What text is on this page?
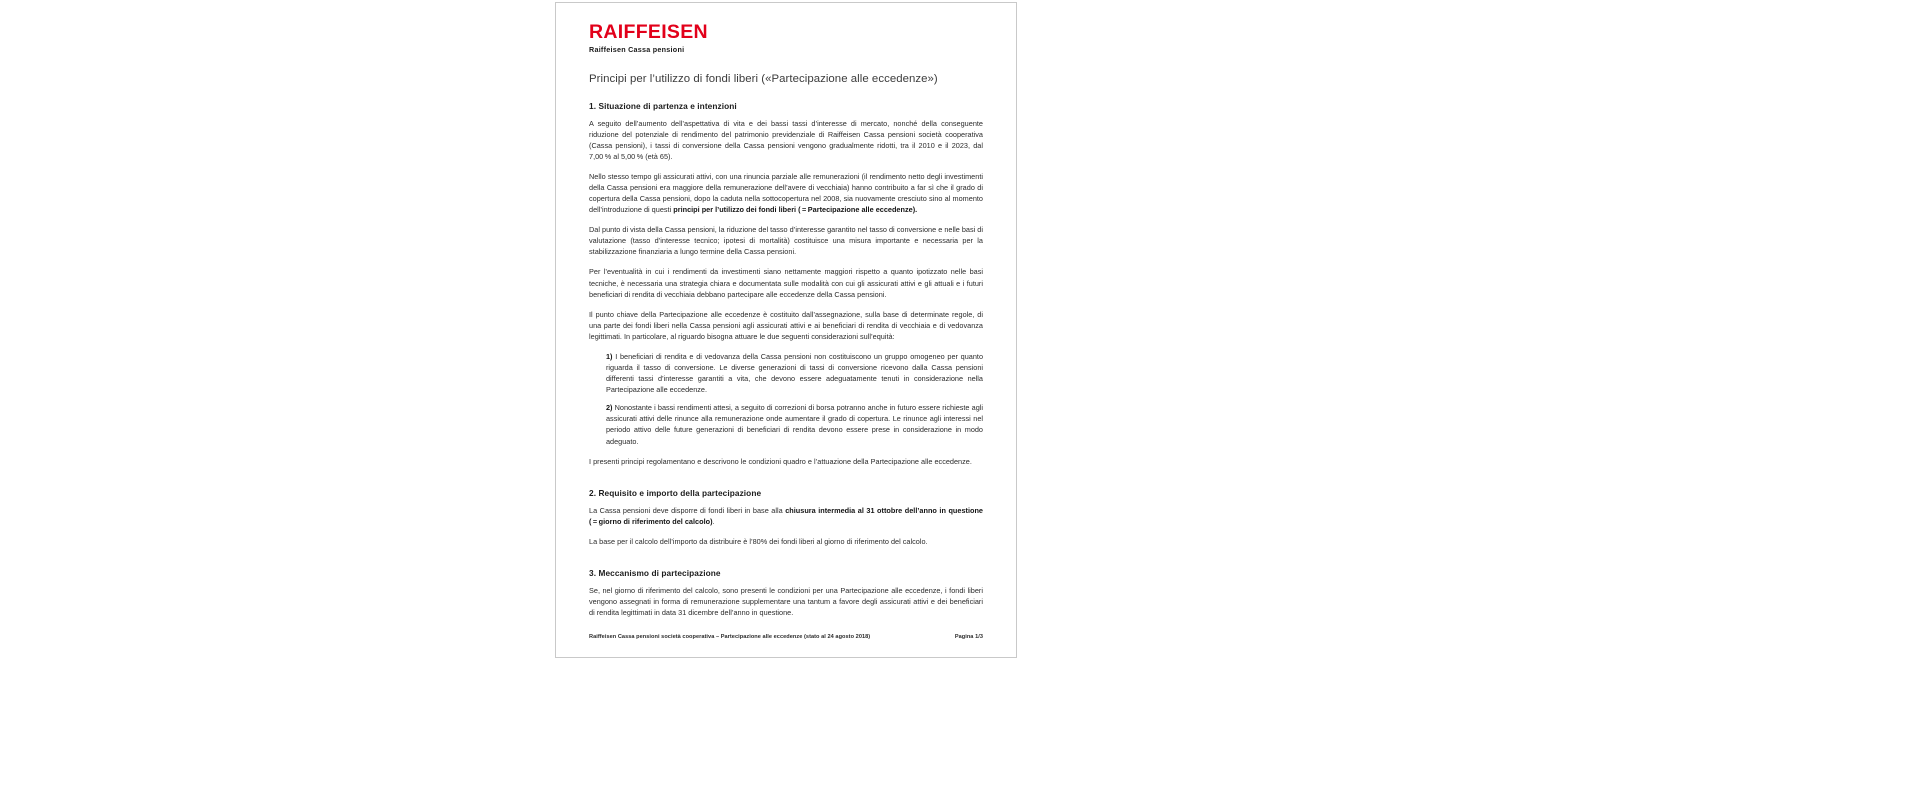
RAIFFEISEN
Raiffeisen Cassa pensioni
Principi per l’utilizzo di fondi liberi («Partecipazione alle eccedenze»)
1. Situazione di partenza e intenzioni

A seguito dell’aumento dell’aspettativa di vita e dei bassi tassi d’interesse di mercato, nonché della conseguente riduzione del potenziale di rendimento del patrimonio previdenziale di Raiffeisen Cassa pensioni società cooperativa (Cassa pensioni), i tassi di conversione della Cassa pensioni vengono gradualmente ridotti, tra il 2010 e il 2023, dal 7,00 % al 5,00 % (età 65).

Nello stesso tempo gli assicurati attivi, con una rinuncia parziale alle remunerazioni (il rendimento netto degli investimenti della Cassa pensioni era maggiore della remunerazione dell’avere di vecchiaia) hanno contribuito a far sì che il grado di copertura della Cassa pensioni, dopo la caduta nella sottocopertura nel 2008, sia nuovamente cresciuto sino al momento dell’introduzione di questi principi per l’utilizzo dei fondi liberi ( = Partecipazione alle eccedenze).

Dal punto di vista della Cassa pensioni, la riduzione del tasso d’interesse garantito nel tasso di conversione e nelle basi di valutazione (tasso d’interesse tecnico; ipotesi di mortalità) costituisce una misura importante e necessaria per la stabilizzazione finanziaria a lungo termine della Cassa pensioni.

Per l’eventualità in cui i rendimenti da investimenti siano nettamente maggiori rispetto a quanto ipotizzato nelle basi tecniche, è necessaria una strategia chiara e documentata sulle modalità con cui gli assicurati attivi e gli attuali e i futuri beneficiari di rendita di vecchiaia debbano partecipare alle eccedenze della Cassa pensioni.

Il punto chiave della Partecipazione alle eccedenze è costituito dall’assegnazione, sulla base di determinate regole, di una parte dei fondi liberi nella Cassa pensioni agli assicurati attivi e ai beneficiari di rendita di vecchiaia e di vedovanza legittimati. In particolare, al riguardo bisogna attuare le due seguenti considerazioni sull’equità:

1) I beneficiari di rendita e di vedovanza della Cassa pensioni non costituiscono un gruppo omogeneo per quanto riguarda il tasso di conversione. Le diverse generazioni di tassi di conversione ricevono dalla Cassa pensioni differenti tassi d’interesse garantiti a vita, che devono essere adeguatamente tenuti in considerazione nella Partecipazione alle eccedenze.
2) Nonostante i bassi rendimenti attesi, a seguito di correzioni di borsa potranno anche in futuro essere richieste agli assicurati attivi delle rinunce alla remunerazione onde aumentare il grado di copertura. Le rinunce agli interessi nel periodo attivo delle future generazioni di beneficiari di rendita devono essere prese in considerazione in modo adeguato.

I presenti principi regolamentano e descrivono le condizioni quadro e l’attuazione della Partecipazione alle eccedenze.

2. Requisito e importo della partecipazione

La Cassa pensioni deve disporre di fondi liberi in base alla chiusura intermedia al 31 ottobre dell’anno in questione ( = giorno di riferimento del calcolo).

La base per il calcolo dell’importo da distribuire è l’80% dei fondi liberi al giorno di riferimento del calcolo.

3. Meccanismo di partecipazione

Se, nel giorno di riferimento del calcolo, sono presenti le condizioni per una Partecipazione alle eccedenze, i fondi liberi vengono assegnati in forma di remunerazione supplementare una tantum a favore degli assicurati attivi e dei beneficiari di rendita legittimati in data 31 dicembre dell’anno in questione.

Raiffeisen Cassa pensioni società cooperativa – Partecipazione alle eccedenze (stato al 24 agosto 2018)	Pagina 1/3
